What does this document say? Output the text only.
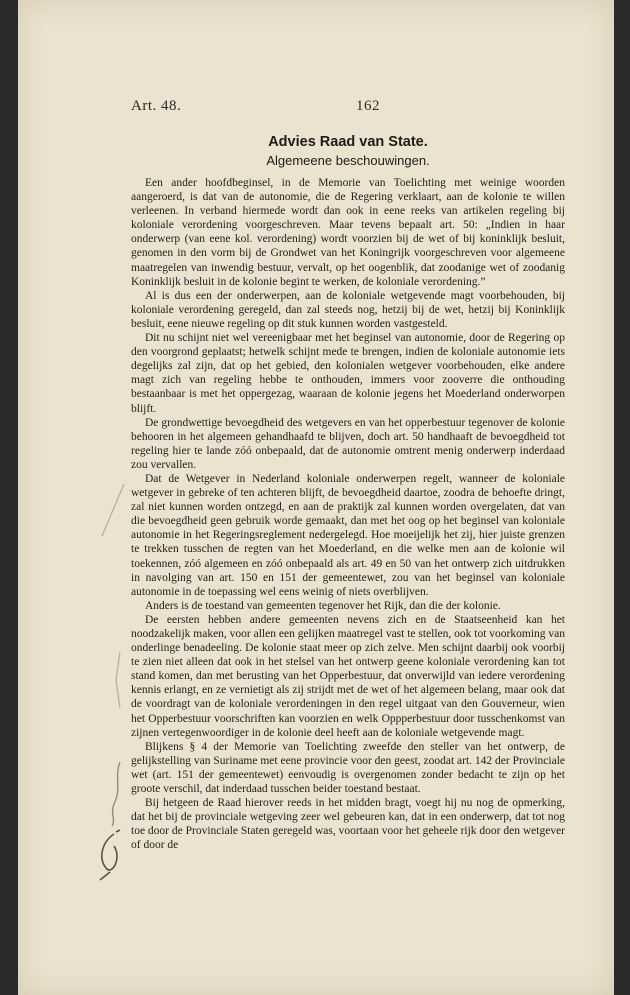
Art. 48.	162
Advies Raad van State.
Algemeene beschouwingen.

Een ander hoofdbeginsel, in de Memorie van Toelichting met weinige woorden aangeroerd, is dat van de autonomie, die de Regering verklaart, aan de kolonie te willen verleenen. In verband hiermede wordt dan ook in eene reeks van artikelen regeling bij koloniale verordening voorgeschreven. Maar tevens bepaalt art. 50: „Indien in haar onderwerp (van eene kol. verordening) wordt voorzien bij de wet of bij koninklijk besluit, genomen in den vorm bij de Grondwet van het Koningrijk voorgeschreven voor algemeene maatregelen van inwendig bestuur, vervalt, op het oogenblik, dat zoodanige wet of zoodanig Koninklijk besluit in de kolonie begint te werken, de koloniale verordening.”

Al is dus een der onderwerpen, aan de koloniale wetgevende magt voorbehouden, bij koloniale verordening geregeld, dan zal steeds nog, hetzij bij de wet, hetzij bij Koninklijk besluit, eene nieuwe regeling op dit stuk kunnen worden vastgesteld.

Dit nu schijnt niet wel vereenigbaar met het beginsel van autonomie, door de Regering op den voorgrond geplaatst; hetwelk schijnt mede te brengen, indien de koloniale autonomie iets degelijks zal zijn, dat op het gebied, den kolonialen wetgever voorbehouden, elke andere magt zich van regeling hebbe te onthouden, immers voor zooverre die onthouding bestaanbaar is met het oppergezag, waaraan de kolonie jegens het Moederland onderworpen blijft.

De grondwettige bevoegdheid des wetgevers en van het opperbestuur tegenover de kolonie behooren in het algemeen gehandhaafd te blijven, doch art. 50 handhaaft de bevoegdheid tot regeling hier te lande zóó onbepaald, dat de autonomie omtrent menig onderwerp inderdaad zou vervallen.

Dat de Wetgever in Nederland koloniale onderwerpen regelt, wanneer de koloniale wetgever in gebreke of ten achteren blijft, de bevoegdheid daartoe, zoodra de behoefte dringt, zal niet kunnen worden ontzegd, en aan de praktijk zal kunnen worden overgelaten, dat van die bevoegdheid geen gebruik worde gemaakt, dan met het oog op het beginsel van koloniale autonomie in het Regeringsreglement nedergelegd. Hoe moeijelijk het zij, hier juiste grenzen te trekken tusschen de regten van het Moederland, en die welke men aan de kolonie wil toekennen, zóó algemeen en zóó onbepaald als art. 49 en 50 van het ontwerp zich uitdrukken in navolging van art. 150 en 151 der gemeentewet, zou van het beginsel van koloniale autonomie in de toepassing wel eens weinig of niets overblijven.

Anders is de toestand van gemeenten tegenover het Rijk, dan die der kolonie.

De eersten hebben andere gemeenten nevens zich en de Staatseenheid kan het noodzakelijk maken, voor allen een gelijken maatregel vast te stellen, ook tot voorkoming van onderlinge benadeeling. De kolonie staat meer op zich zelve. Men schijnt daarbij ook voorbij te zien niet alleen dat ook in het stelsel van het ontwerp geene koloniale verordening kan tot stand komen, dan met berusting van het Opperbestuur, dat onverwijld van iedere verordening kennis erlangt, en ze vernietigt als zij strijdt met de wet of het algemeen belang, maar ook dat de voordragt van de koloniale verordeningen in den regel uitgaat van den Gouverneur, wien het Opperbestuur voorschriften kan voorzien en welk Oppperbestuur door tusschenkomst van zijnen vertegenwoordiger in de kolonie deel heeft aan de koloniale wetgevende magt.

Blijkens § 4 der Memorie van Toelichting zweefde den steller van het ontwerp, de gelijkstelling van Suriname met eene provincie voor den geest, zoodat art. 142 der Provinciale wet (art. 151 der gemeentewet) eenvoudig is overgenomen zonder bedacht te zijn op het groote verschil, dat inderdaad tusschen beider toestand bestaat.

Bij hetgeen de Raad hierover reeds in het midden bragt, voegt hij nu nog de opmerking, dat het bij de provinciale wetgeving zeer wel gebeuren kan, dat in een onderwerp, dat tot nog toe door de Provinciale Staten geregeld was, voortaan voor het geheele rijk door den wetgever of door de
